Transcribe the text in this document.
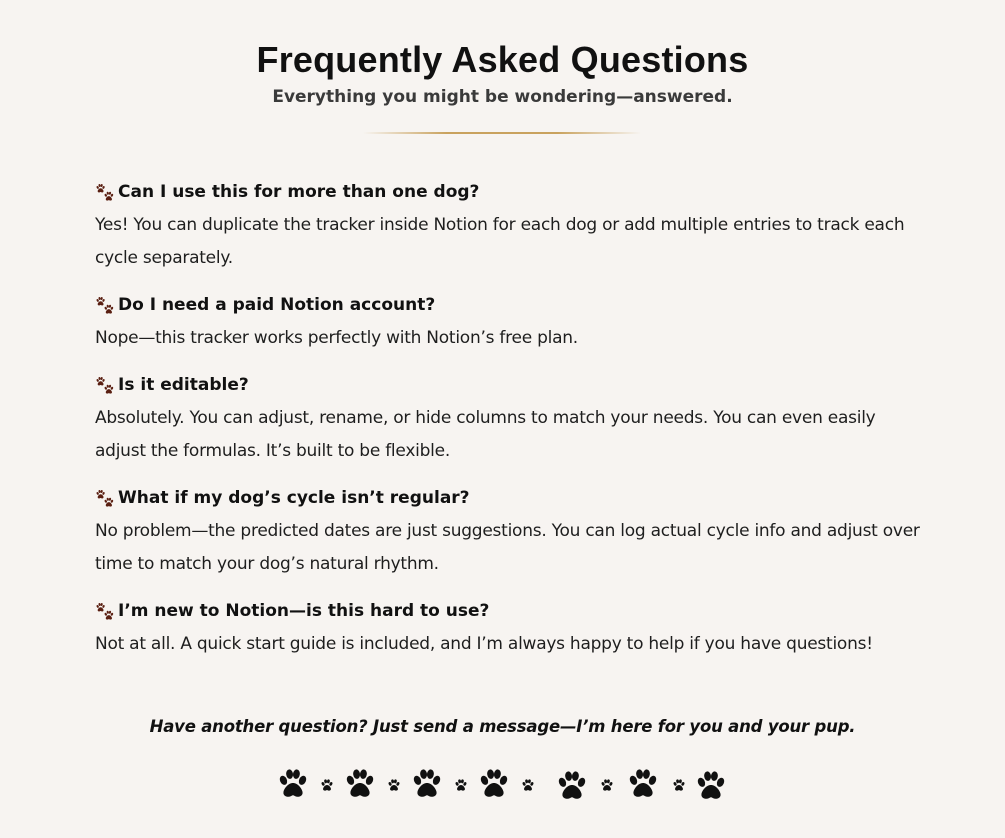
Frequently Asked Questions

Everything you might be wondering—answered.

Can I use this for more than one dog?

Yes! You can duplicate the tracker inside Notion for each dog or add multiple entries to track each cycle separately.

Do I need a paid Notion account?

Nope—this tracker works perfectly with Notion’s free plan.

Is it editable?

Absolutely. You can adjust, rename, or hide columns to match your needs. You can even easily adjust the formulas. It’s built to be flexible.

What if my dog’s cycle isn’t regular?

No problem—the predicted dates are just suggestions. You can log actual cycle info and adjust over time to match your dog’s natural rhythm.

I’m new to Notion—is this hard to use?

Not at all. A quick start guide is included, and I’m always happy to help if you have questions!

Have another question? Just send a message—I’m here for you and your pup.
